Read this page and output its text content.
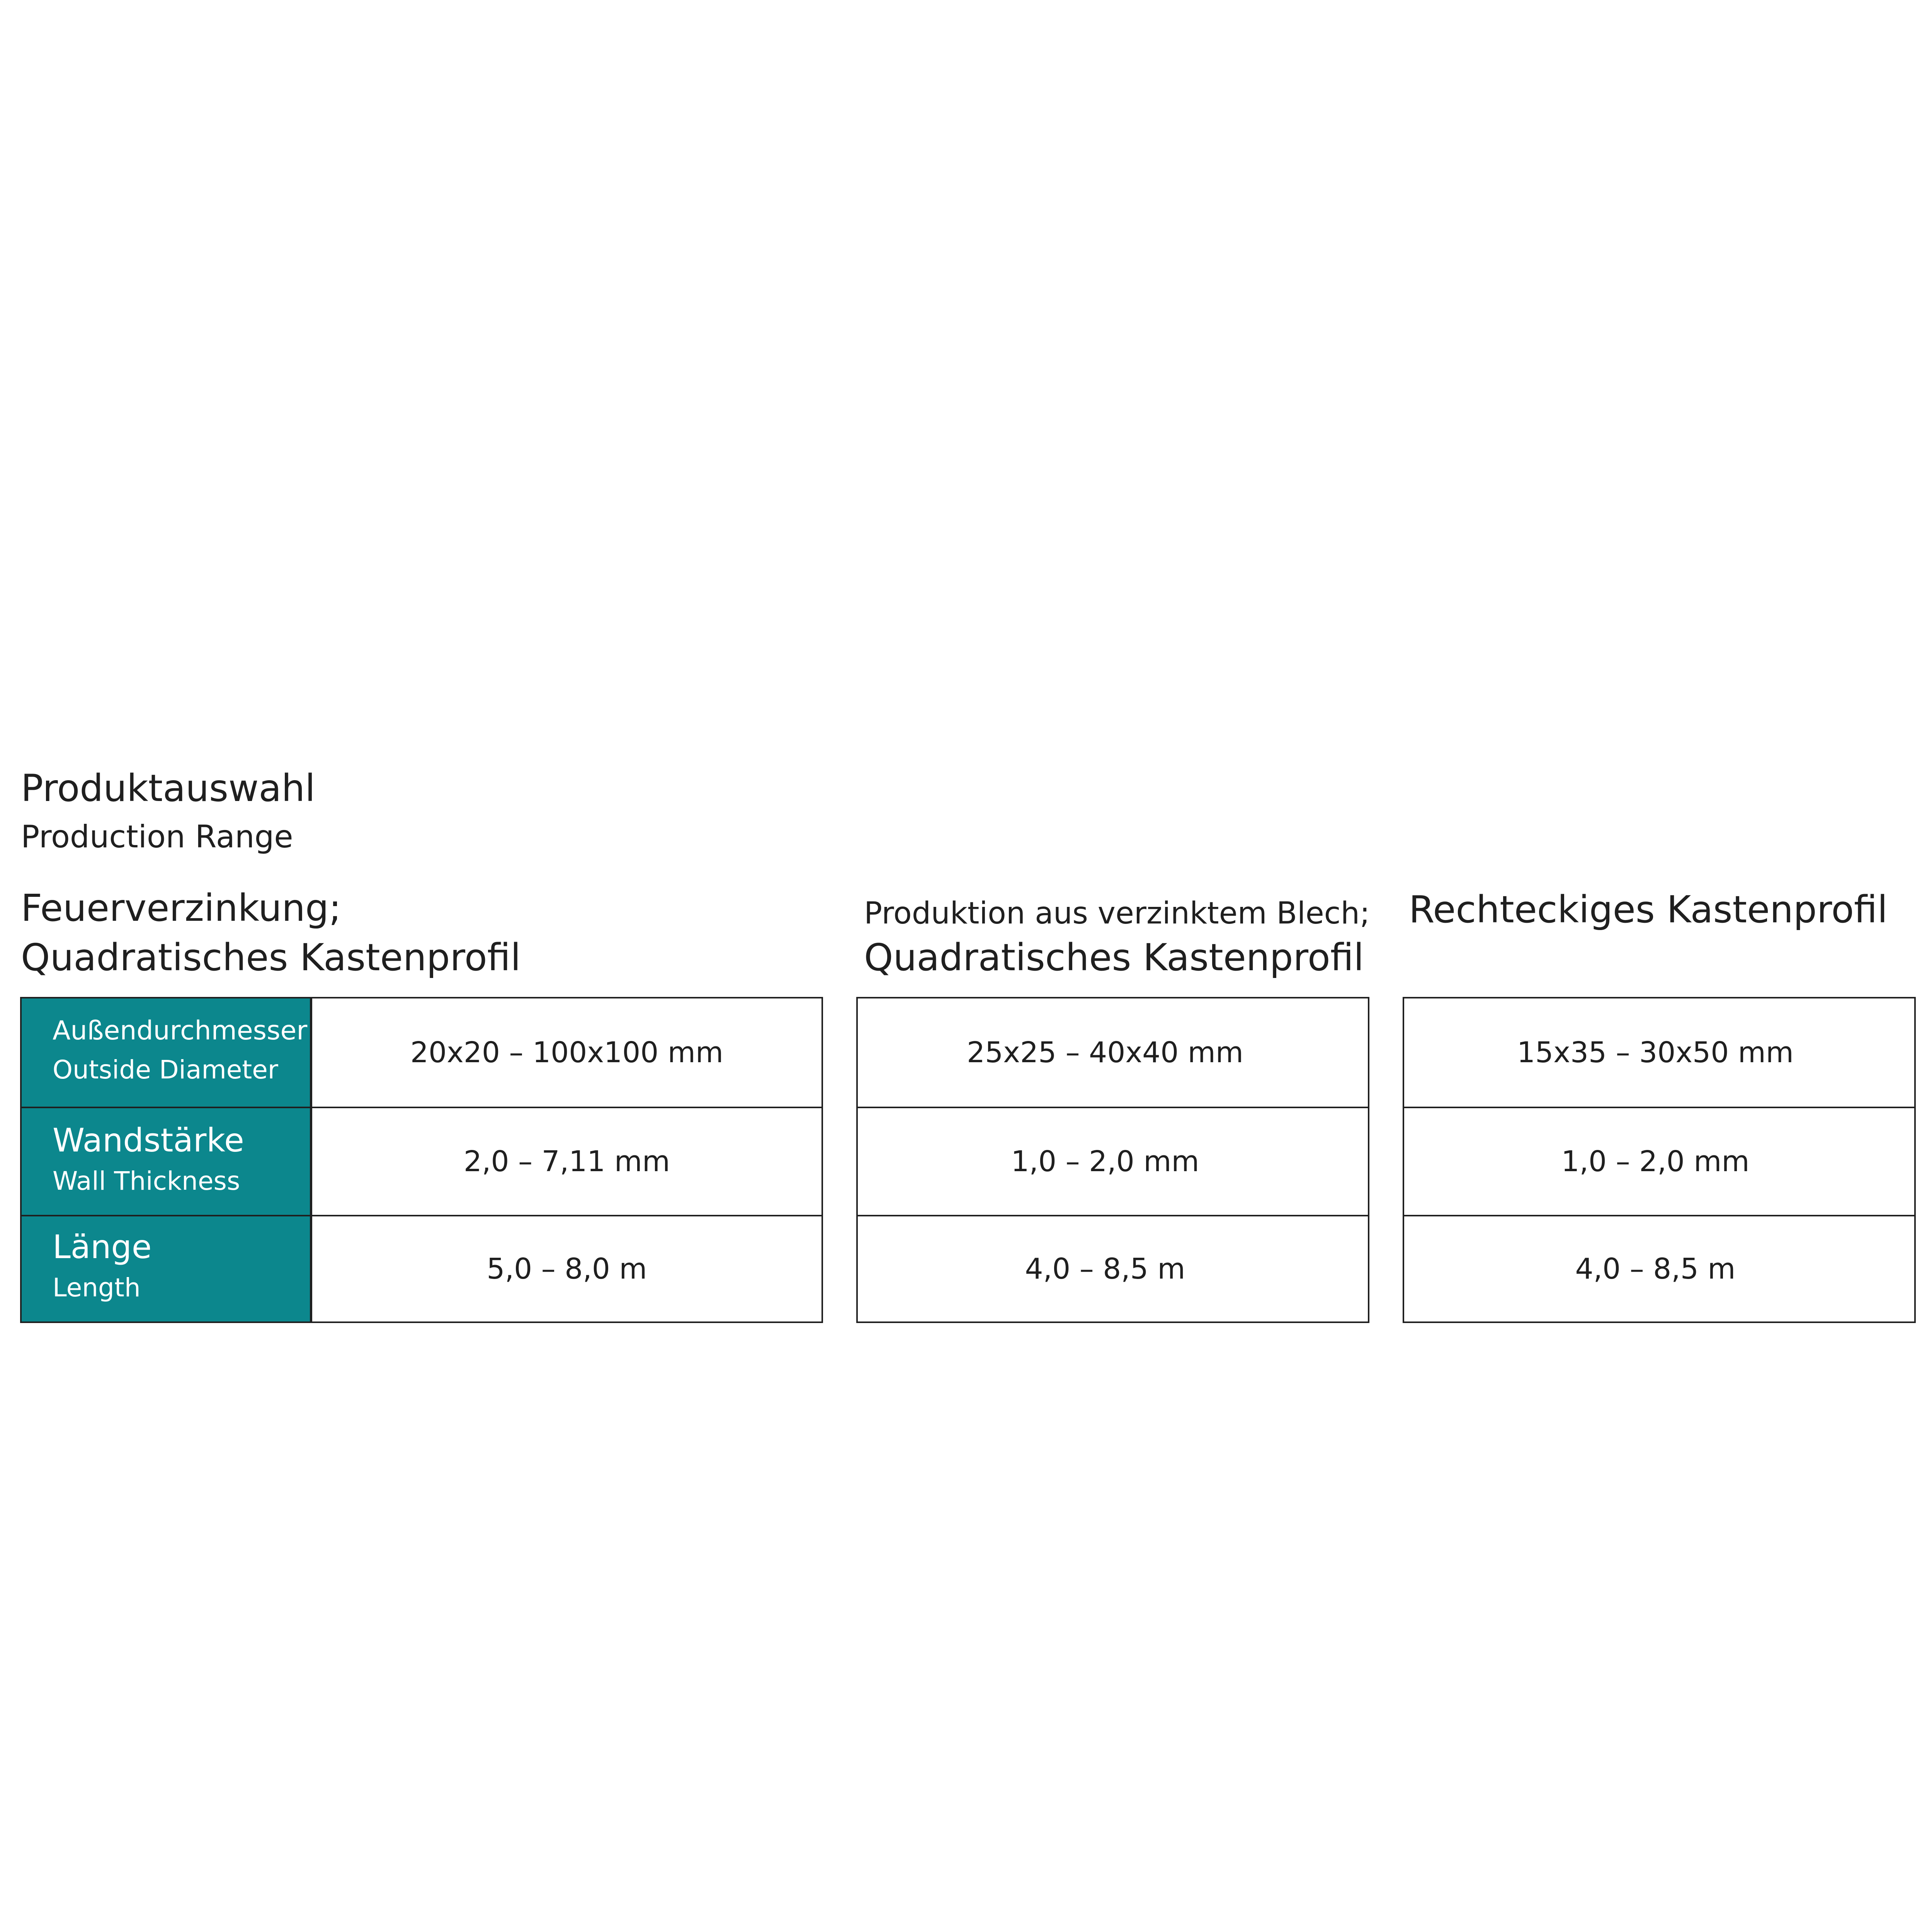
Produktauswahl
Production Range
Feuerverzinkung;
Quadratisches Kastenprofil
Produktion aus verzinktem Blech;
Quadratisches Kastenprofil
Rechteckiges Kastenprofil
Außendurchmesser
Outside Diameter
20x20 – 100x100 mm
Wandstärke
Wall Thickness
2,0 – 7,11 mm
Länge
Length
5,0 – 8,0 m
25x25 – 40x40 mm
1,0 – 2,0 mm
4,0 – 8,5 m
15x35 – 30x50 mm
1,0 – 2,0 mm
4,0 – 8,5 m
